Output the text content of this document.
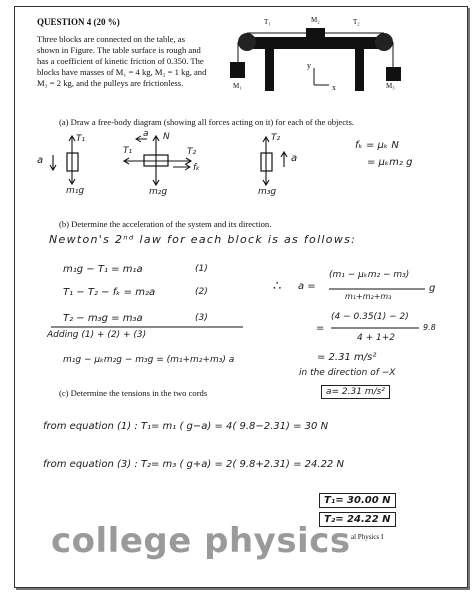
QUESTION 4 (20 %)
Three blocks are connected on the table, as
shown in Figure. The table surface is rough and
has a coefficient of kinetic friction of 0.350. The
blocks have masses of M₁ = 4 kg, M₂ = 1 kg, and
M₃ = 2 kg, and the pulleys are frictionless.
T₁	M₂	T₂
M₁	M₃
y
x
(a) Draw a free-body diagram (showing all forces acting on it) for each of the objects.
T₁
a
m₁g
a N
T₁	T₂
fₖ
m₂g
T₂
a
m₃g
fₖ = μₖ N
= μₖm₂ g
(b) Determine the acceleration of the system and its direction.
Newton's 2ⁿᵈ law for each block is as follows:
m₁g − T₁ = m₁a	(1)
T₁ − T₂ − fₖ = m₂a	(2)
T₂ − m₃g = m₃a	(3)
Adding (1) + (2) + (3)
m₁g − μₖm₂g − m₃g = (m₁+m₂+m₃) a
∴ a =
(m₁ − μₖm₂ − m₃)
m₁+m₂+m₃
g
=
(4 − 0.35(1) − 2)
4 + 1+2
9.8
= 2.31 m/s²
in the direction of −X
(c) Determine the tensions in the two cords	a= 2.31 m/s²
from equation (1) : T₁= m₁ ( g−a) = 4( 9.8−2.31) = 30 N
from equation (3) : T₂= m₃ ( g+a) = 2( 9.8+2.31) = 24.22 N
T₁= 30.00 N
T₂= 24.22 N
college physics al Physics I
